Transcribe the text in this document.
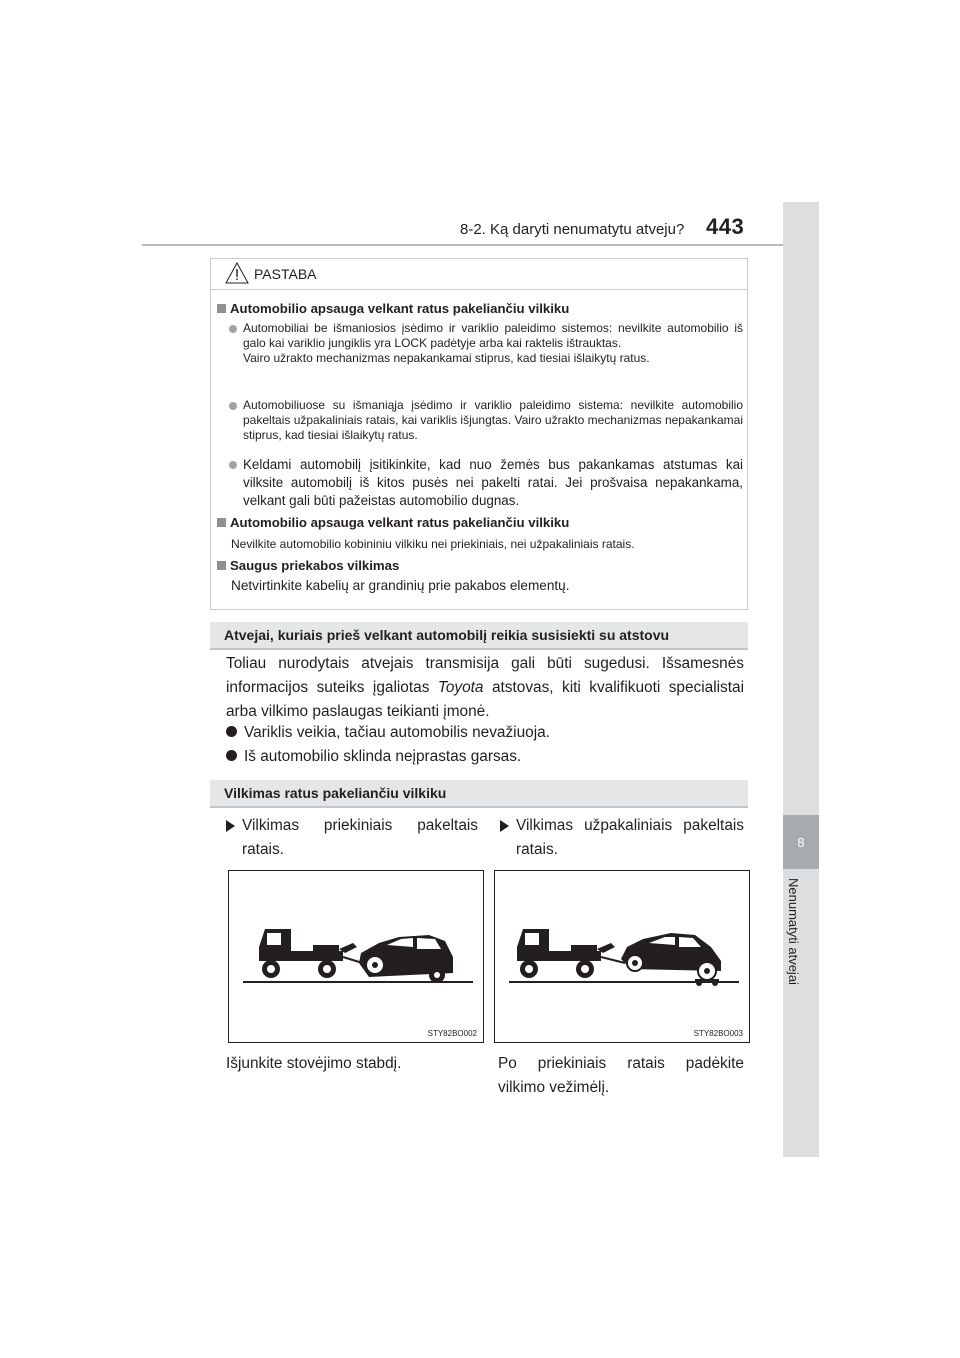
8-2. Ką daryti nenumatytu atveju? 443
8
Nenumatyti atvejai
PASTABA
Automobilio apsauga velkant ratus pakeliančiu vilkiku
Automobiliai be išmaniosios įsėdimo ir variklio paleidimo sistemos: nevilkite automobilio iš galo kai variklio jungiklis yra LOCK padėtyje arba kai raktelis ištrauktas.
Vairo užrakto mechanizmas nepakankamai stiprus, kad tiesiai išlaikytų ratus.
Automobiliuose su išmaniąja įsėdimo ir variklio paleidimo sistema: nevilkite automobilio pakeltais užpakaliniais ratais, kai variklis išjungtas. Vairo užrakto mechanizmas nepakankamai stiprus, kad tiesiai išlaikytų ratus.
Keldami automobilį įsitikinkite, kad nuo žemės bus pakankamas atstumas kai vilksite automobilį iš kitos pusės nei pakelti ratai. Jei prošvaisa nepakankama, velkant gali būti pažeistas automobilio dugnas.
Automobilio apsauga velkant ratus pakeliančiu vilkiku
Nevilkite automobilio kobininiu vilkiku nei priekiniais, nei užpakaliniais ratais.
Saugus priekabos vilkimas
Netvirtinkite kabelių ar grandinių prie pakabos elementų.
Atvejai, kuriais prieš velkant automobilį reikia susisiekti su atstovu
Toliau nurodytais atvejais transmisija gali būti sugedusi. Išsamesnės informacijos suteiks įgaliotas Toyota atstovas, kiti kvalifikuoti specialistai arba vilkimo paslaugas teikianti įmonė.
Variklis veikia, tačiau automobilis nevažiuoja.
Iš automobilio sklinda neįprastas garsas.
Vilkimas ratus pakeliančiu vilkiku
Vilkimas priekiniais pakeltais ratais.
Vilkimas užpakaliniais pakeltais ratais.
STY82BO002	STY82BO003
Išjunkite stovėjimo stabdį.	Po priekiniais ratais padėkite vilkimo vežimėlį.
